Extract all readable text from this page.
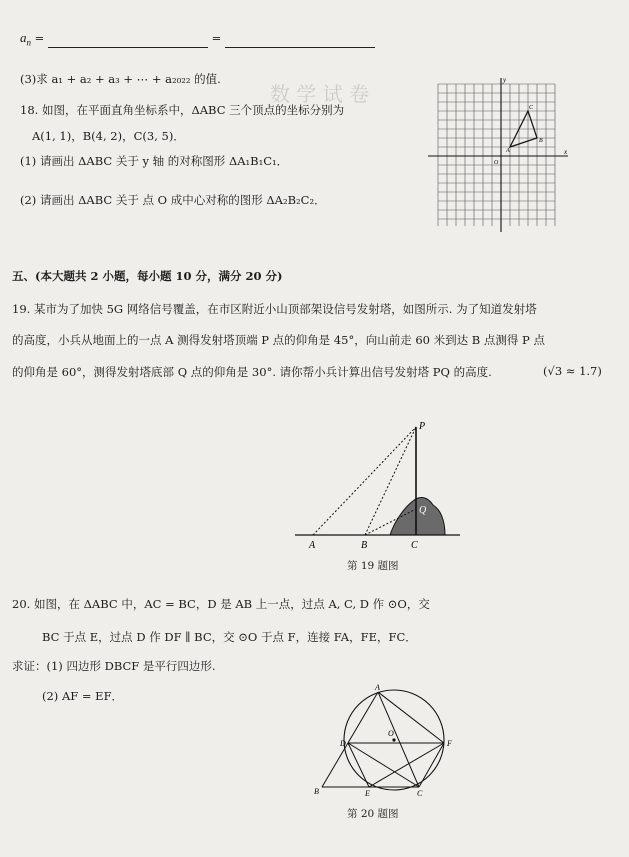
数 学 试 卷
$a_n$ =	=
(3)求 a₁ + a₂ + a₃ + ⋯ + a₂₀₂₂ 的值.
18. 如图，在平面直角坐标系中，ΔABC 三个顶点的坐标分别为
A(1, 1)，B(4, 2)，C(3, 5)．
(1) 请画出 ΔABC 关于 y 轴 的对称图形 ΔA₁B₁C₁．
(2) 请画出 ΔABC 关于 点 O 成中心对称的图形 ΔA₂B₂C₂．
y
x
O
A
B
C
五、(本大题共 2 小题，每小题 10 分，满分 20 分)
19. 某市为了加快 5G 网络信号覆盖，在市区附近小山顶部架设信号发射塔，如图所示. 为了知道发射塔
的高度，小兵从地面上的一点 A 测得发射塔顶端 P 点的仰角是 45°，向山前走 60 米到达 B 点测得 P 点
的仰角是 60°，测得发射塔底部 Q 点的仰角是 30°. 请你帮小兵计算出信号发射塔 PQ 的高度.	(√3 ≈ 1.7)
P
Q
A	B	C
第 19 题图
20. 如图，在 ΔABC 中，AC = BC，D 是 AB 上一点，过点 A, C, D 作 ⊙O，交
BC 于点 E，过点 D 作 DF ∥ BC，交 ⊙O 于点 F，连接 FA，FE，FC．
求证：(1) 四边形 DBCF 是平行四边形.
(2) AF = EF．
A
B	C
D
E
F
O
第 20 题图
